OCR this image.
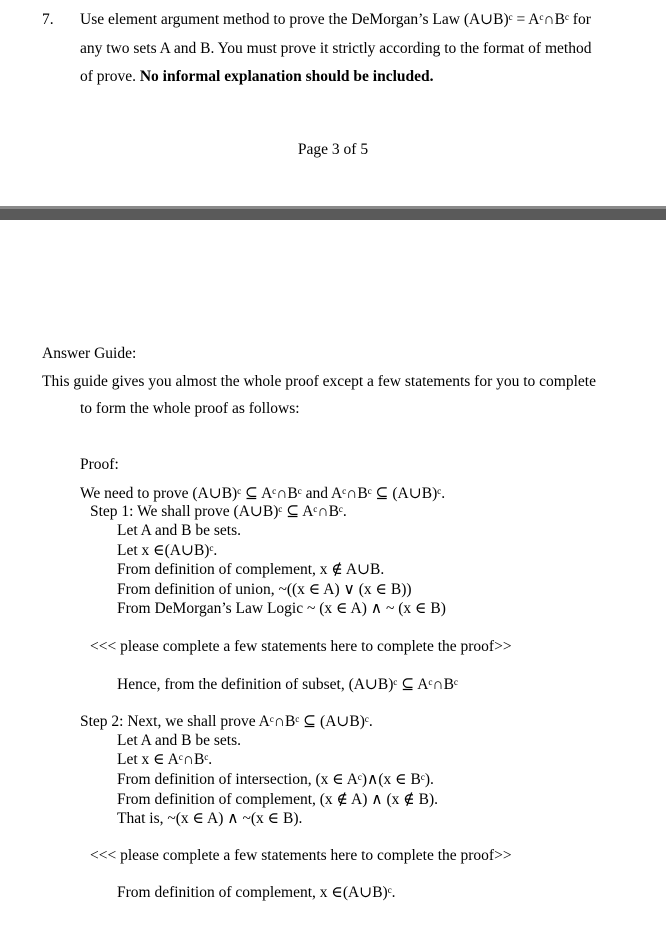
7. Use element argument method to prove the DeMorgan’s Law (A∪B)ᶜ = Aᶜ∩Bᶜ for
any two sets A and B. You must prove it strictly according to the format of method
of prove. No informal explanation should be included.
Page 3 of 5
Answer Guide:
This guide gives you almost the whole proof except a few statements for you to complete
to form the whole proof as follows:
Proof:
We need to prove (A∪B)ᶜ ⊆ Aᶜ∩Bᶜ and Aᶜ∩Bᶜ ⊆ (A∪B)ᶜ.
Step 1: We shall prove (A∪B)ᶜ ⊆ Aᶜ∩Bᶜ.
Let A and B be sets.
Let x ∈(A∪B)ᶜ.
From definition of complement, x ∉ A∪B.
From definition of union, ~((x ∈ A) ∨ (x ∈ B))
From DeMorgan’s Law Logic ~ (x ∈ A) ∧ ~ (x ∈ B)
<<< please complete a few statements here to complete the proof>>
Hence, from the definition of subset, (A∪B)ᶜ ⊆ Aᶜ∩Bᶜ
Step 2: Next, we shall prove Aᶜ∩Bᶜ ⊆ (A∪B)ᶜ.
Let A and B be sets.
Let x ∈ Aᶜ∩Bᶜ.
From definition of intersection, (x ∈ Aᶜ)∧(x ∈ Bᶜ).
From definition of complement, (x ∉ A) ∧ (x ∉ B).
That is, ~(x ∈ A) ∧ ~(x ∈ B).
<<< please complete a few statements here to complete the proof>>
From definition of complement, x ∈(A∪B)ᶜ.
